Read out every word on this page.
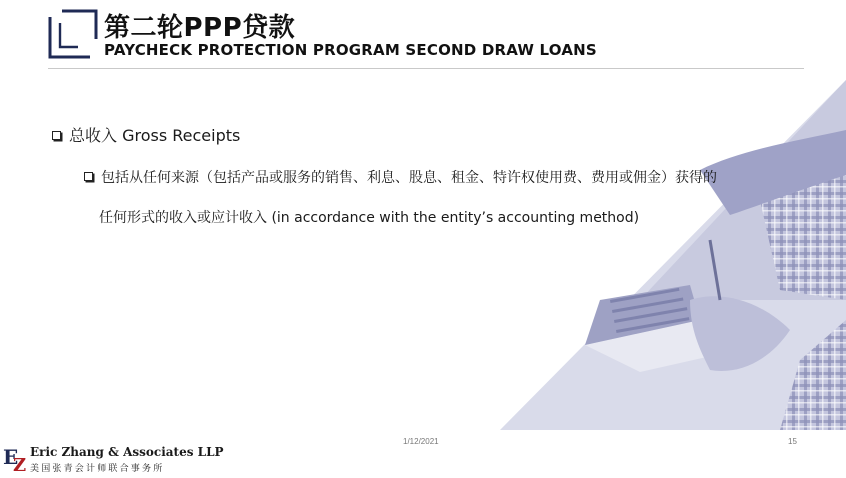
第二轮PPP贷款
PAYCHECK PROTECTION PROGRAM SECOND DRAW LOANS
总收入 Gross Receipts
包括从任何来源（包括产品或服务的销售、利息、股息、租金、特许权使用费、费用或佣金）获得的
任何形式的收入或应计收入 (in accordance with the entity’s accounting method)
1/12/2021	15
E
Z
Eric Zhang & Associates LLP
美国张青会计师联合事务所
